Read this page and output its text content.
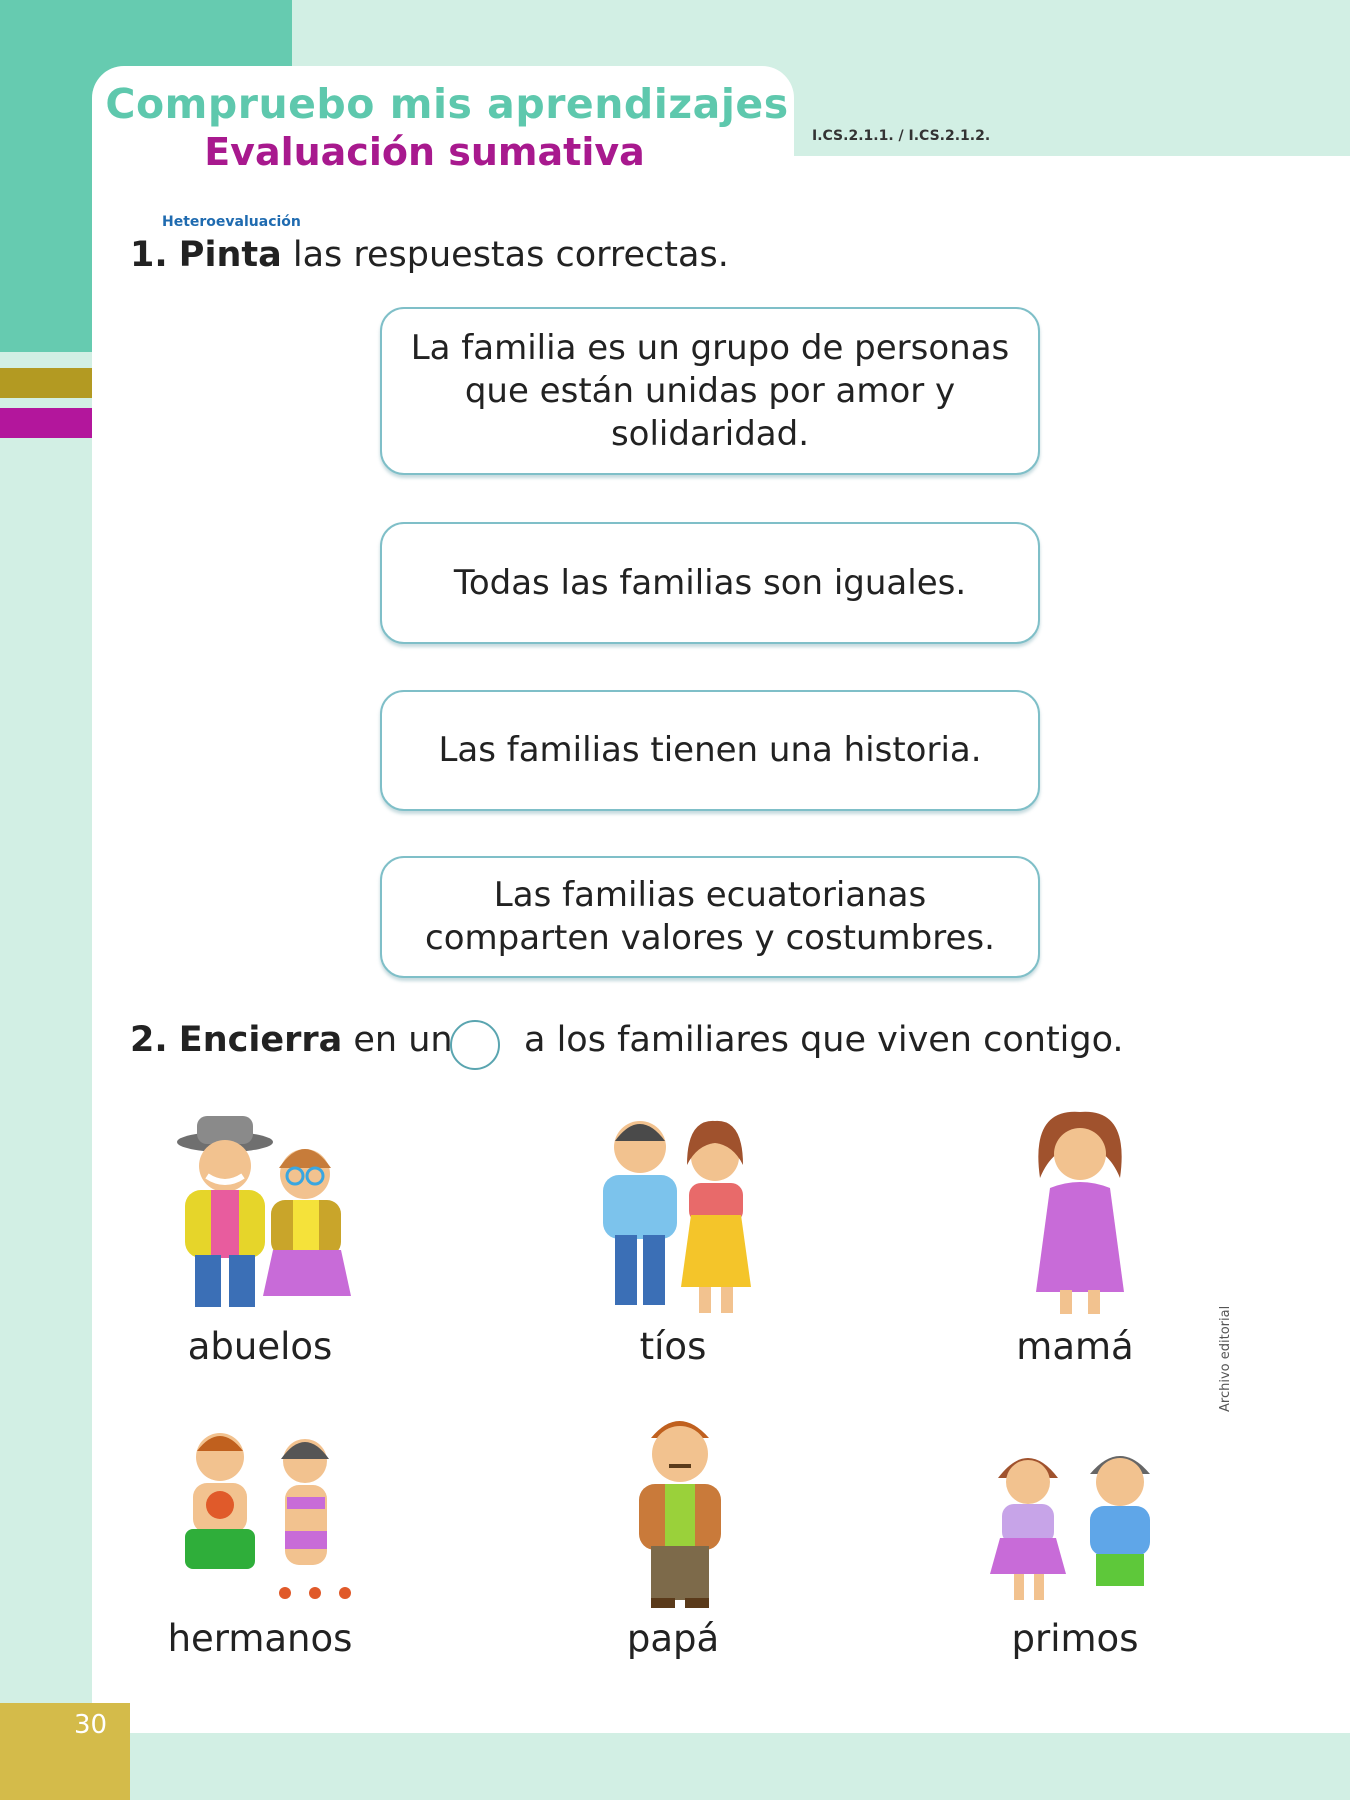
Compruebo mis aprendizajes
Evaluación sumativa	I.CS.2.1.1. / I.CS.2.1.2.
Heteroevaluación
1. Pinta las respuestas correctas.
La familia es un grupo de personas que están unidas por amor y solidaridad.
Todas las familias son iguales.
Las familias tienen una historia.
Las familias ecuatorianas comparten valores y costumbres.
2. Encierra en un a los familiares que viven contigo.
abuelos	tíos	mamá
hermanos	papá	primos
Archivo editorial
30
